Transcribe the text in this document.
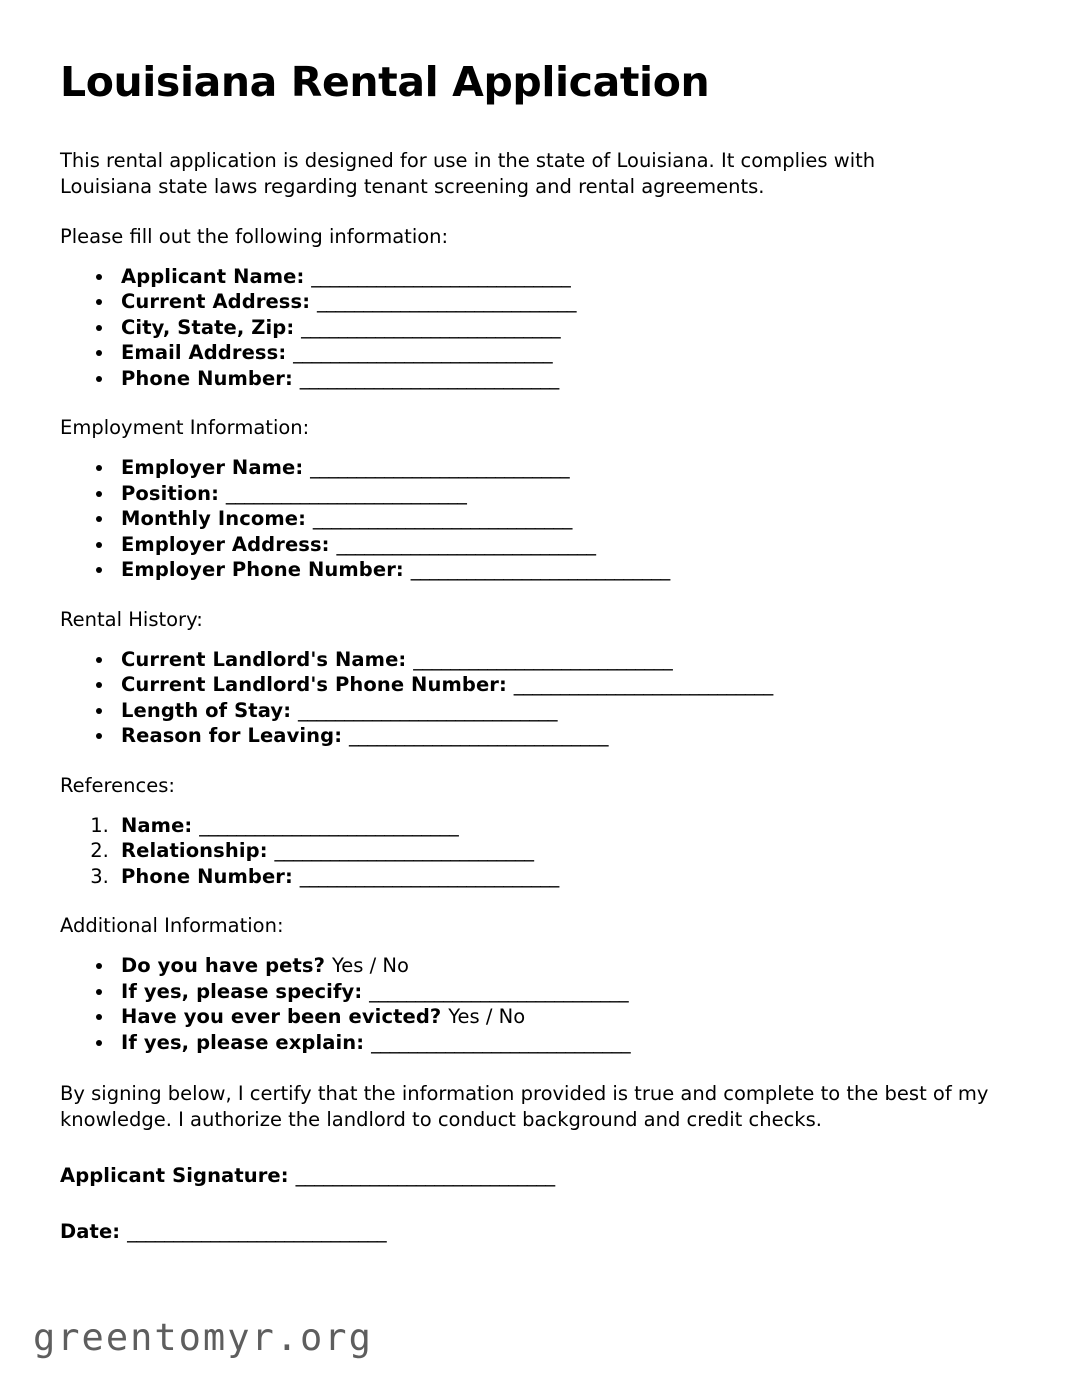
Louisiana Rental Application

This rental application is designed for use in the state of Louisiana. It complies with Louisiana state laws regarding tenant screening and rental agreements.

Please fill out the following information:

• Applicant Name: ____________________________
• Current Address: ____________________________
• City, State, Zip: ____________________________
• Email Address: ____________________________
• Phone Number: ____________________________

Employment Information:

• Employer Name: ____________________________
• Position: __________________________
• Monthly Income: ____________________________
• Employer Address: ____________________________
• Employer Phone Number: ____________________________

Rental History:

• Current Landlord's Name: ____________________________
• Current Landlord's Phone Number: ____________________________
• Length of Stay: ____________________________
• Reason for Leaving: ____________________________

References:

1. Name: ____________________________
2. Relationship: ____________________________
3. Phone Number: ____________________________

Additional Information:

• Do you have pets? Yes / No
• If yes, please specify: ____________________________
• Have you ever been evicted? Yes / No
• If yes, please explain: ____________________________

By signing below, I certify that the information provided is true and complete to the best of my knowledge. I authorize the landlord to conduct background and credit checks.

Applicant Signature: ____________________________

Date: ____________________________

greentomyr.org
